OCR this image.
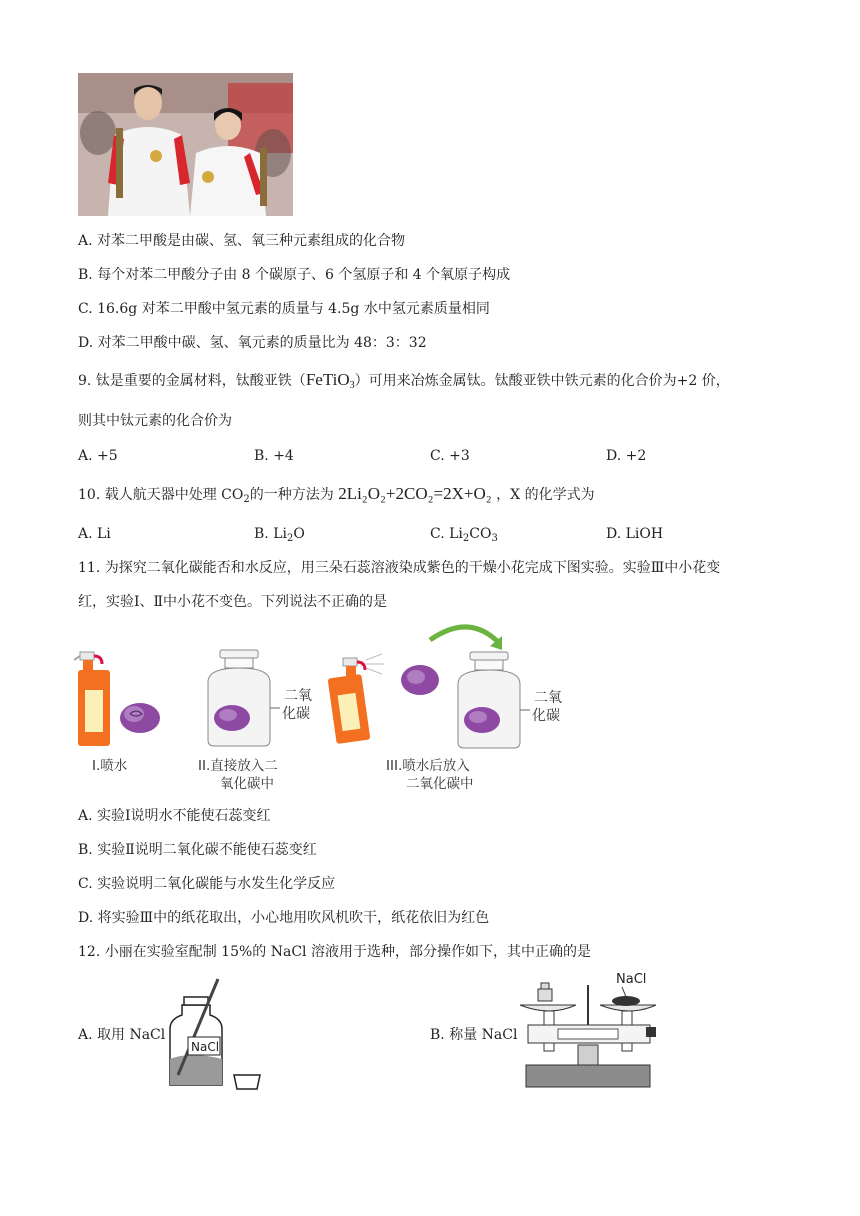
A. 对苯二甲酸是由碳、氢、氧三种元素组成的化合物
B. 每个对苯二甲酸分子由 8 个碳原子、6 个氢原子和 4 个氧原子构成
C. 16.6g 对苯二甲酸中氢元素的质量与 4.5g 水中氢元素质量相同
D. 对苯二甲酸中碳、氢、氧元素的质量比为 48：3：32
9. 钛是重要的金属材料，钛酸亚铁（FeTiO$_3$）可用来冶炼金属钛。钛酸亚铁中铁元素的化合价为+2 价，
则其中钛元素的化合价为
A. +5	B. +4	C. +3	D. +2
10. 载人航天器中处理 $CO_2$的一种方法为 2Li₂O₂+2CO₂=2X+O₂ ，X 的化学式为
A. Li	B. $Li_2O$	C. $Li_2CO_3$	D. LiOH
11. 为探究二氧化碳能否和水反应，用三朵石蕊溶液染成紫色的干燥小花完成下图实验。实验Ⅲ中小花变
红，实验Ⅰ、Ⅱ中小花不变色。下列说法不正确的是
二氧
化碳
二氧
化碳
I.喷水	II.直接放入二
氧化碳中
III.喷水后放入
二氧化碳中
A. 实验Ⅰ说明水不能使石蕊变红
B. 实验Ⅱ说明二氧化碳不能使石蕊变红
C. 实验说明二氧化碳能与水发生化学反应
D. 将实验Ⅲ中的纸花取出，小心地用吹风机吹干，纸花依旧为红色
12. 小丽在实验室配制 15%的 NaCl 溶液用于选种，部分操作如下，其中正确的是
A. 取用 NaCl
NaCl
B. 称量 NaCl
NaCl
